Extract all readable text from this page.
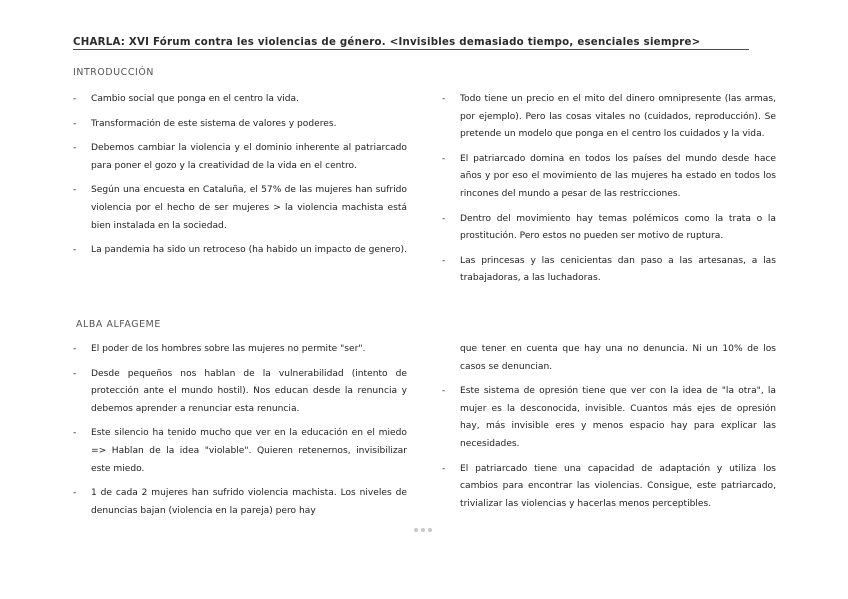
CHARLA: XVI Fórum contra les violencias de género. <Invisibles demasiado tiempo, esenciales siempre>
INTRODUCCIÓN
- Cambio social que ponga en el centro la vida.
- Transformación de este sistema de valores y poderes.
- Debemos cambiar la violencia y el dominio inherente al patriarcado para poner el gozo y la creatividad de la vida en el centro.
- Según una encuesta en Cataluña, el 57% de las mujeres han sufrido violencia por el hecho de ser mujeres > la violencia machista está bien instalada en la sociedad.
- La pandemia ha sido un retroceso (ha habido un impacto de genero).
- Todo tiene un precio en el mito del dinero omnipresente (las armas, por ejemplo). Pero las cosas vitales no (cuidados, reproducción). Se pretende un modelo que ponga en el centro los cuidados y la vida.
- El patriarcado domina en todos los países del mundo desde hace años y por eso el movimiento de las mujeres ha estado en todos los rincones del mundo a pesar de las restricciones.
- Dentro del movimiento hay temas polémicos como la trata o la prostitución. Pero estos no pueden ser motivo de ruptura.
- Las princesas y las cenicientas dan paso a las artesanas, a las trabajadoras, a las luchadoras.
ALBA ALFAGEME
- El poder de los hombres sobre las mujeres no permite "ser".
- Desde pequeños nos hablan de la vulnerabilidad (intento de protección ante el mundo hostil). Nos educan desde la renuncia y debemos aprender a renunciar esta renuncia.
- Este silencio ha tenido mucho que ver en la educación en el miedo => Hablan de la idea "violable". Quieren retenernos, invisibilizar este miedo.
- 1 de cada 2 mujeres han sufrido violencia machista. Los niveles de denuncias bajan (violencia en la pareja) pero hay

que tener en cuenta que hay una no denuncia. Ni un 10% de los casos se denuncian.

- Este sistema de opresión tiene que ver con la idea de "la otra", la mujer es la desconocida, invisible. Cuantos más ejes de opresión hay, más invisible eres y menos espacio hay para explicar las necesidades.
- El patriarcado tiene una capacidad de adaptación y utiliza los cambios para encontrar las violencias. Consigue, este patriarcado, trivializar las violencias y hacerlas menos perceptibles.
